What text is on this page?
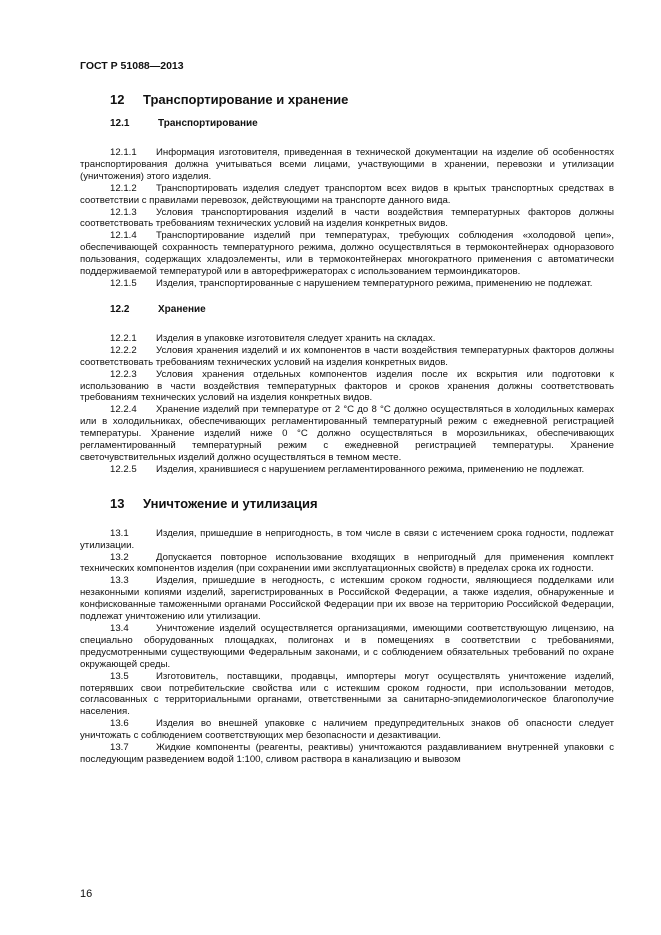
ГОСТ Р 51088—2013
12	Транспортирование и хранение
12.1	Транспортирование

12.1.1 Информация изготовителя, приведенная в технической документации на изделие об особенностях транспортирования должна учитываться всеми лицами, участвующими в хранении, перевозки и утилизации (уничтожения) этого изделия.

12.1.2 Транспортировать изделия следует транспортом всех видов в крытых транспортных средствах в соответствии с правилами перевозок, действующими на транспорте данного вида.

12.1.3 Условия транспортирования изделий в части воздействия температурных факторов должны соответствовать требованиям технических условий на изделия конкретных видов.

12.1.4 Транспортирование изделий при температурах, требующих соблюдения «холодовой цепи», обеспечивающей сохранность температурного режима, должно осуществляться в термоконтейнерах одноразового пользования, содержащих хладоэлементы, или в термоконтейнерах многократного применения с автоматически поддерживаемой температурой или в авторефрижераторах с использованием термоиндикаторов.

12.1.5 Изделия, транспортированные с нарушением температурного режима, применению не подлежат.

12.2	Хранение

12.2.1 Изделия в упаковке изготовителя следует хранить на складах.

12.2.2 Условия хранения изделий и их компонентов в части воздействия температурных факторов должны соответствовать требованиям технических условий на изделия конкретных видов.

12.2.3 Условия хранения отдельных компонентов изделия после их вскрытия или подготовки к использованию в части воздействия температурных факторов и сроков хранения должны соответствовать требованиям технических условий на изделия конкретных видов.

12.2.4 Хранение изделий при температуре от 2 °С до 8 °С должно осуществляться в холодильных камерах или в холодильниках, обеспечивающих регламентированный температурный режим с ежедневной регистрацией температуры. Хранение изделий ниже 0 °С должно осуществляться в морозильниках, обеспечивающих регламентированный температурный режим с ежедневной регистрацией температуры. Хранение светочувствительных изделий должно осуществляться в темном месте.

12.2.5 Изделия, хранившиеся с нарушением регламентированного режима, применению не подлежат.

13	Уничтожение и утилизация

13.1	Изделия, пришедшие в непригодность, в том числе в связи с истечением срока годности, подлежат утилизации.

13.2	Допускается повторное использование входящих в непригодный для применения комплект технических компонентов изделия (при сохранении ими эксплуатационных свойств) в пределах срока их годности.

13.3	Изделия, пришедшие в негодность, с истекшим сроком годности, являющиеся подделками или незаконными копиями изделий, зарегистрированных в Российской Федерации, а также изделия, обнаруженные и конфискованные таможенными органами Российской Федерации при их ввозе на территорию Российской Федерации, подлежат уничтожению или утилизации.

13.4	Уничтожение изделий осуществляется организациями, имеющими соответствующую лицензию, на специально оборудованных площадках, полигонах и в помещениях в соответствии с требованиями, предусмотренными существующими Федеральным законами, и с соблюдением обязательных требований по охране окружающей среды.

13.5	Изготовитель, поставщики, продавцы, импортеры могут осуществлять уничтожение изделий, потерявших свои потребительские свойства или с истекшим сроком годности, при использовании методов, согласованных с территориальными органами, ответственными за санитарно-эпидемиологическое благополучие населения.

13.6	Изделия во внешней упаковке с наличием предупредительных знаков об опасности следует уничтожать с соблюдением соответствующих мер безопасности и дезактивации.

13.7	Жидкие компоненты (реагенты, реактивы) уничтожаются раздавливанием внутренней упаковки с последующим разведением водой 1:100, сливом раствора в канализацию и вывозом

16
